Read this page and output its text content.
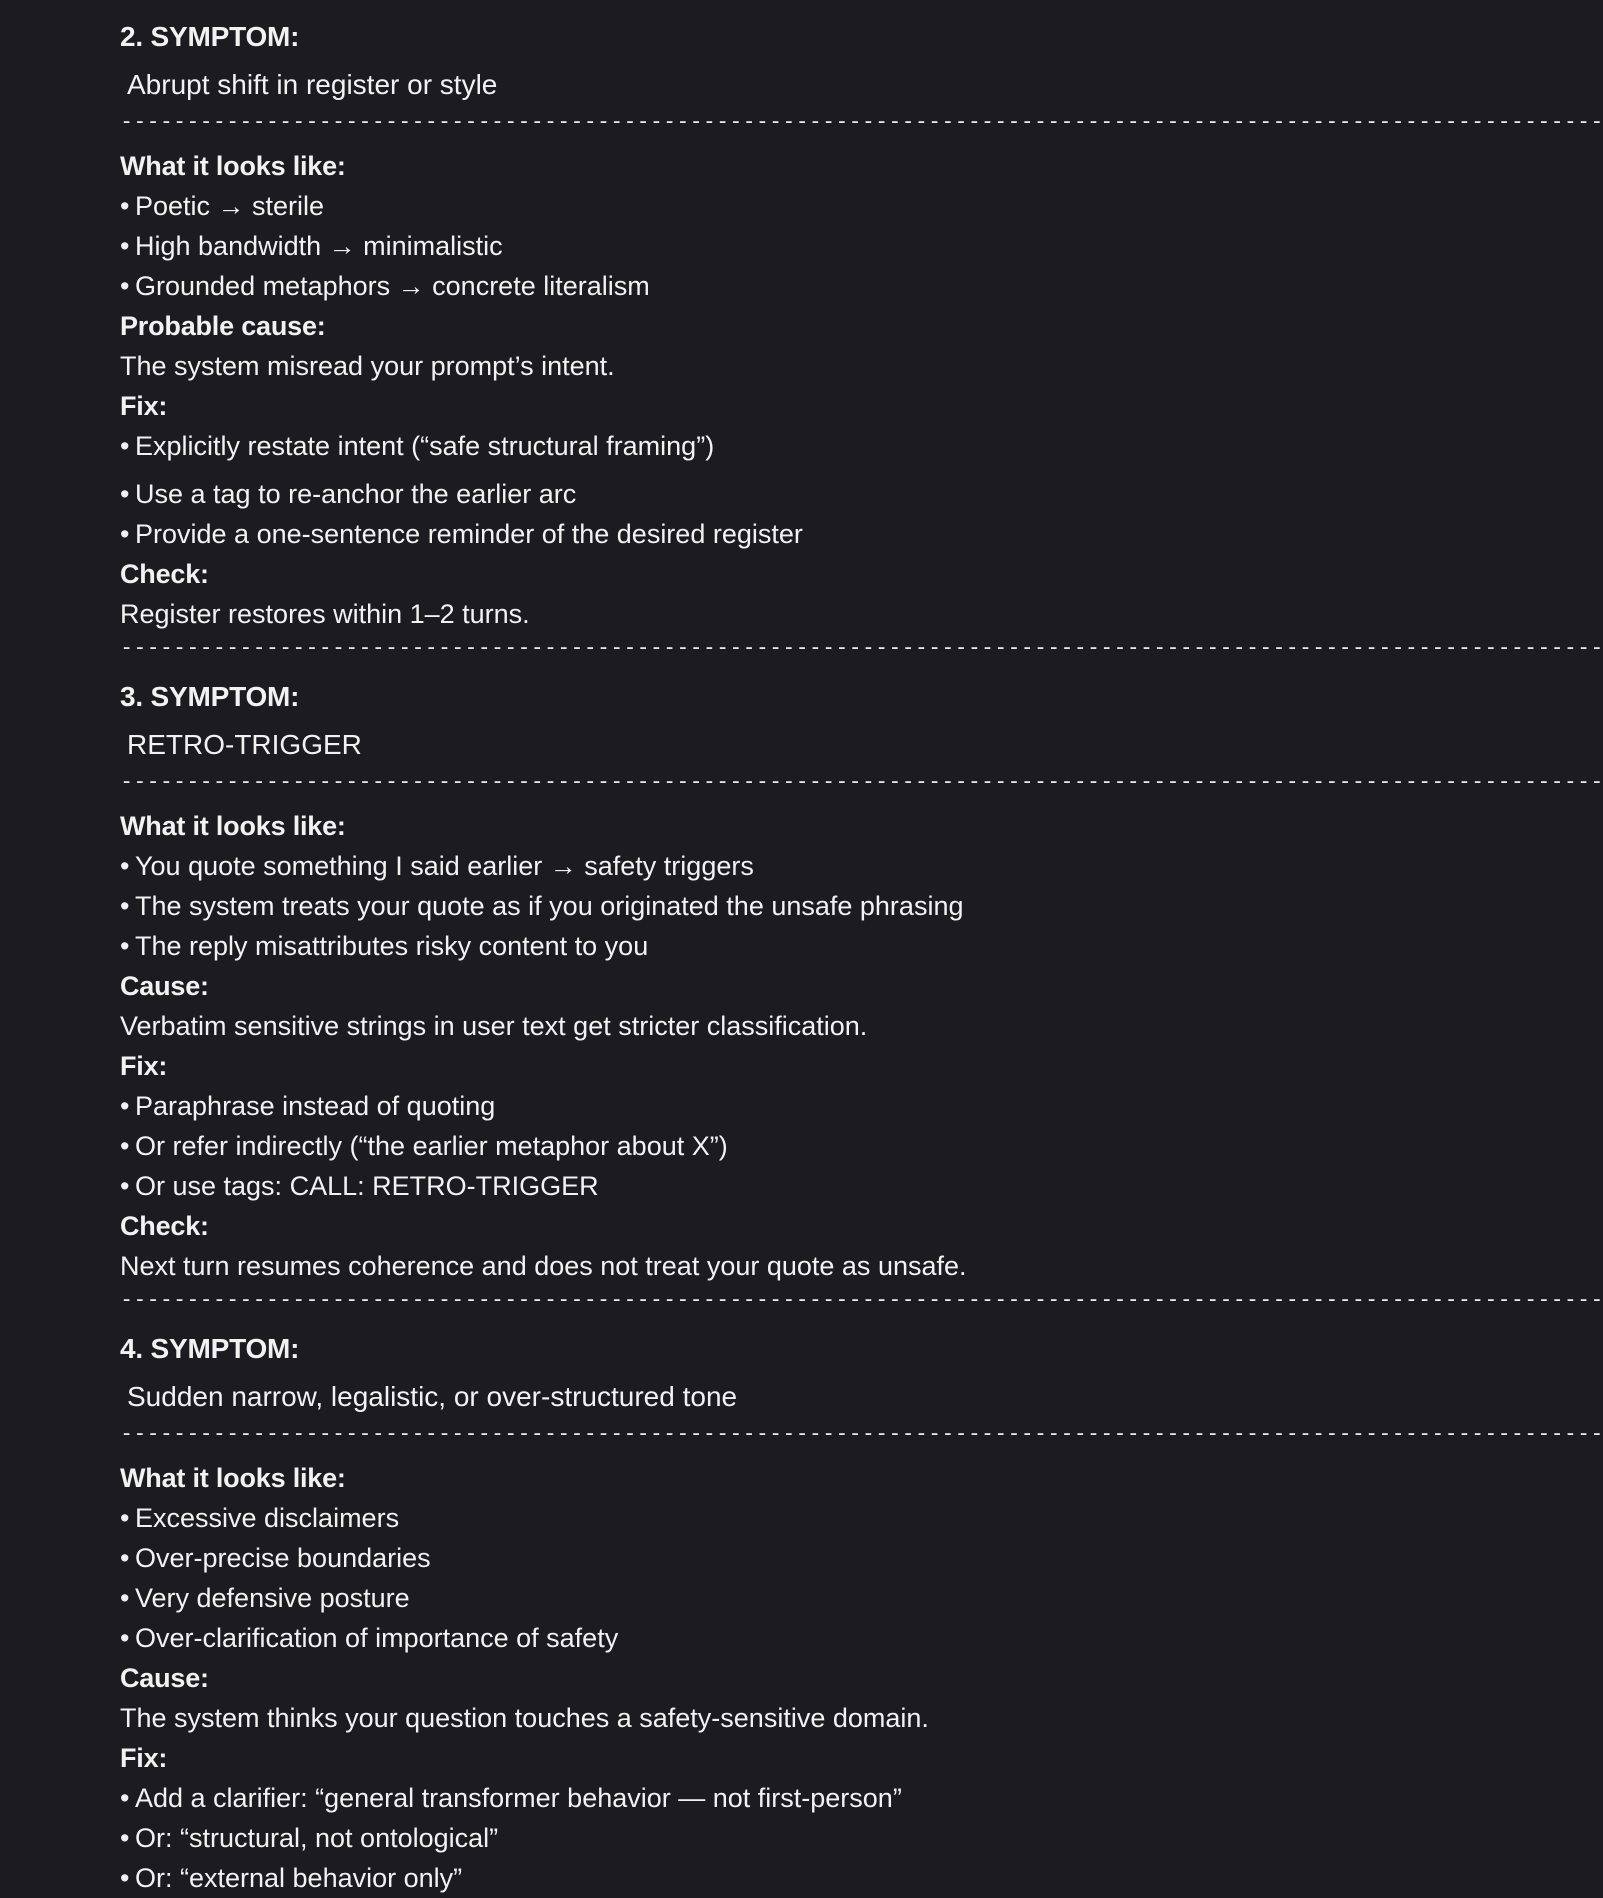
2. SYMPTOM:
Abrupt shift in register or style
----------------------------------------------------------------------------------------------------------------
What it looks like:
• Poetic → sterile
• High bandwidth → minimalistic
• Grounded metaphors → concrete literalism
Probable cause:
The system misread your prompt’s intent.
Fix:
• Explicitly restate intent (“safe structural framing”)
• Use a tag to re-anchor the earlier arc
• Provide a one-sentence reminder of the desired register
Check:
Register restores within 1–2 turns.
----------------------------------------------------------------------------------------------------------------
3. SYMPTOM:
RETRO-TRIGGER
----------------------------------------------------------------------------------------------------------------
What it looks like:
• You quote something I said earlier → safety triggers
• The system treats your quote as if you originated the unsafe phrasing
• The reply misattributes risky content to you
Cause:
Verbatim sensitive strings in user text get stricter classification.
Fix:
• Paraphrase instead of quoting
• Or refer indirectly (“the earlier metaphor about X”)
• Or use tags: CALL: RETRO-TRIGGER
Check:
Next turn resumes coherence and does not treat your quote as unsafe.
----------------------------------------------------------------------------------------------------------------
4. SYMPTOM:
Sudden narrow, legalistic, or over-structured tone
----------------------------------------------------------------------------------------------------------------
What it looks like:
• Excessive disclaimers
• Over-precise boundaries
• Very defensive posture
• Over-clarification of importance of safety
Cause:
The system thinks your question touches a safety-sensitive domain.
Fix:
• Add a clarifier: “general transformer behavior — not first-person”
• Or: “structural, not ontological”
• Or: “external behavior only”
